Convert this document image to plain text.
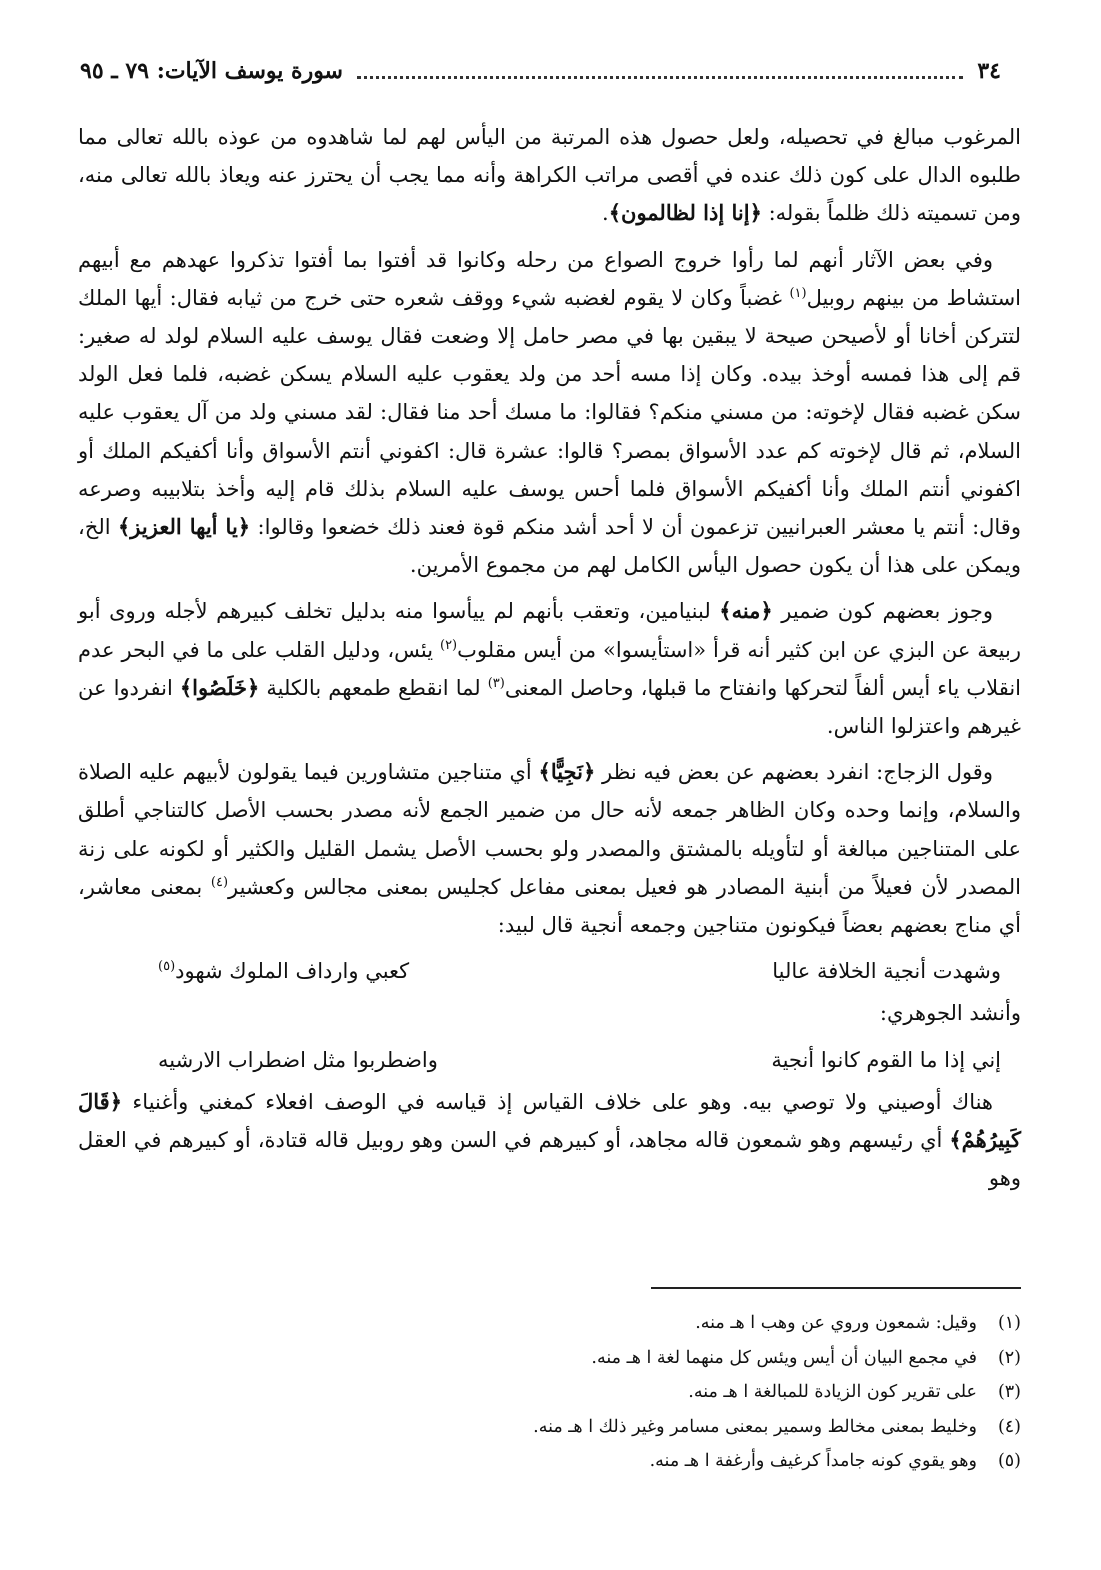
٣٤
سورة يوسف الآيات: ٧٩ ـ ٩٥

المرغوب مبالغ في تحصيله، ولعل حصول هذه المرتبة من اليأس لهم لما شاهدوه من عوذه بالله تعالى مما طلبوه الدال على كون ذلك عنده في أقصى مراتب الكراهة وأنه مما يجب أن يحترز عنه ويعاذ بالله تعالى منه، ومن تسميته ذلك ظلماً بقوله: ﴿إنا إذا لظالمون﴾.

وفي بعض الآثار أنهم لما رأوا خروج الصواع من رحله وكانوا قد أفتوا بما أفتوا تذكروا عهدهم مع أبيهم استشاط من بينهم روبيل$^{(١)}$ غضباً وكان لا يقوم لغضبه شيء ووقف شعره حتى خرج من ثيابه فقال: أيها الملك لتتركن أخانا أو لأصيحن صيحة لا يبقين بها في مصر حامل إلا وضعت فقال يوسف عليه السلام لولد له صغير: قم إلى هذا فمسه أوخذ بيده. وكان إذا مسه أحد من ولد يعقوب عليه السلام يسكن غضبه، فلما فعل الولد سكن غضبه فقال لإخوته: من مسني منكم؟ فقالوا: ما مسك أحد منا فقال: لقد مسني ولد من آل يعقوب عليه السلام، ثم قال لإخوته كم عدد الأسواق بمصر؟ قالوا: عشرة قال: اكفوني أنتم الأسواق وأنا أكفيكم الملك أو اكفوني أنتم الملك وأنا أكفيكم الأسواق فلما أحس يوسف عليه السلام بذلك قام إليه وأخذ بتلابيبه وصرعه وقال: أنتم يا معشر العبرانيين تزعمون أن لا أحد أشد منكم قوة فعند ذلك خضعوا وقالوا: ﴿يا أيها العزيز﴾ الخ، ويمكن على هذا أن يكون حصول اليأس الكامل لهم من مجموع الأمرين.

وجوز بعضهم كون ضمير ﴿منه﴾ لبنيامين، وتعقب بأنهم لم ييأسوا منه بدليل تخلف كبيرهم لأجله وروى أبو ربيعة عن البزي عن ابن كثير أنه قرأ «استأيسوا» من أيس مقلوب$^{(٢)}$ يئس، ودليل القلب على ما في البحر عدم انقلاب ياء أيس ألفاً لتحركها وانفتاح ما قبلها، وحاصل المعنى$^{(٣)}$ لما انقطع طمعهم بالكلية ﴿خَلَصُوا﴾ انفردوا عن غيرهم واعتزلوا الناس.

وقول الزجاج: انفرد بعضهم عن بعض فيه نظر ﴿نَجِيًّا﴾ أي متناجين متشاورين فيما يقولون لأبيهم عليه الصلاة والسلام، وإنما وحده وكان الظاهر جمعه لأنه حال من ضمير الجمع لأنه مصدر بحسب الأصل كالتناجي أطلق على المتناجين مبالغة أو لتأويله بالمشتق والمصدر ولو بحسب الأصل يشمل القليل والكثير أو لكونه على زنة المصدر لأن فعيلاً من أبنية المصادر هو فعيل بمعنى مفاعل كجليس بمعنى مجالس وكعشير$^{(٤)}$ بمعنى معاشر، أي مناج بعضهم بعضاً فيكونون متناجين وجمعه أنجية قال لبيد:

وشهدت أنجية الخلافة عاليا
كعبي وارداف الملوك شهود$^{(٥)}$

وأنشد الجوهري:

إني إذا ما القوم كانوا أنجية
واضطربوا مثل اضطراب الارشيه

هناك أوصيني ولا توصي بيه. وهو على خلاف القياس إذ قياسه في الوصف افعلاء كمغني وأغنياء ﴿قَالَ كَبِيرُهُمْ﴾ أي رئيسهم وهو شمعون قاله مجاهد، أو كبيرهم في السن وهو روبيل قاله قتادة، أو كبيرهم في العقل وهو

(١)
وقيل: شمعون وروي عن وهب ا هـ منه.
(٢)
في مجمع البيان أن أيس ويئس كل منهما لغة ا هـ منه.
(٣)
على تقرير كون الزيادة للمبالغة ا هـ منه.
(٤)
وخليط بمعنى مخالط وسمير بمعنى مسامر وغير ذلك ا هـ منه.
(٥)
وهو يقوي كونه جامداً كرغيف وأرغفة ا هـ منه.
